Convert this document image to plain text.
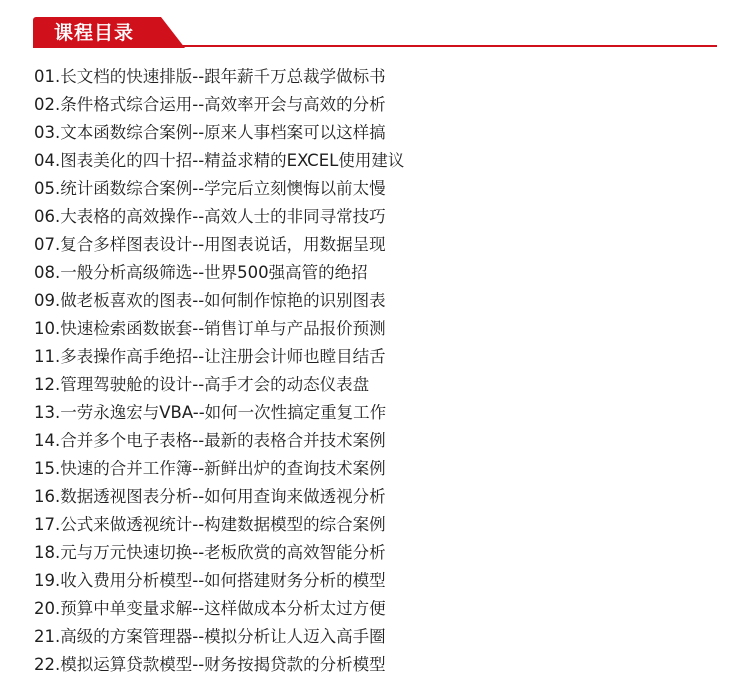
课程目录
01.长文档的快速排版--跟年薪千万总裁学做标书
02.条件格式综合运用--高效率开会与高效的分析
03.文本函数综合案例--原来人事档案可以这样搞
04.图表美化的四十招--精益求精的EXCEL使用建议
05.统计函数综合案例--学完后立刻懊悔以前太慢
06.大表格的高效操作--高效人士的非同寻常技巧
07.复合多样图表设计--用图表说话，用数据呈现
08.一般分析高级筛选--世界500强高管的绝招
09.做老板喜欢的图表--如何制作惊艳的识别图表
10.快速检索函数嵌套--销售订单与产品报价预测
11.多表操作高手绝招--让注册会计师也瞠目结舌
12.管理驾驶舱的设计--高手才会的动态仪表盘
13.一劳永逸宏与VBA--如何一次性搞定重复工作
14.合并多个电子表格--最新的表格合并技术案例
15.快速的合并工作簿--新鲜出炉的查询技术案例
16.数据透视图表分析--如何用查询来做透视分析
17.公式来做透视统计--构建数据模型的综合案例
18.元与万元快速切换--老板欣赏的高效智能分析
19.收入费用分析模型--如何搭建财务分析的模型
20.预算中单变量求解--这样做成本分析太过方便
21.高级的方案管理器--模拟分析让人迈入高手圈
22.模拟运算贷款模型--财务按揭贷款的分析模型
